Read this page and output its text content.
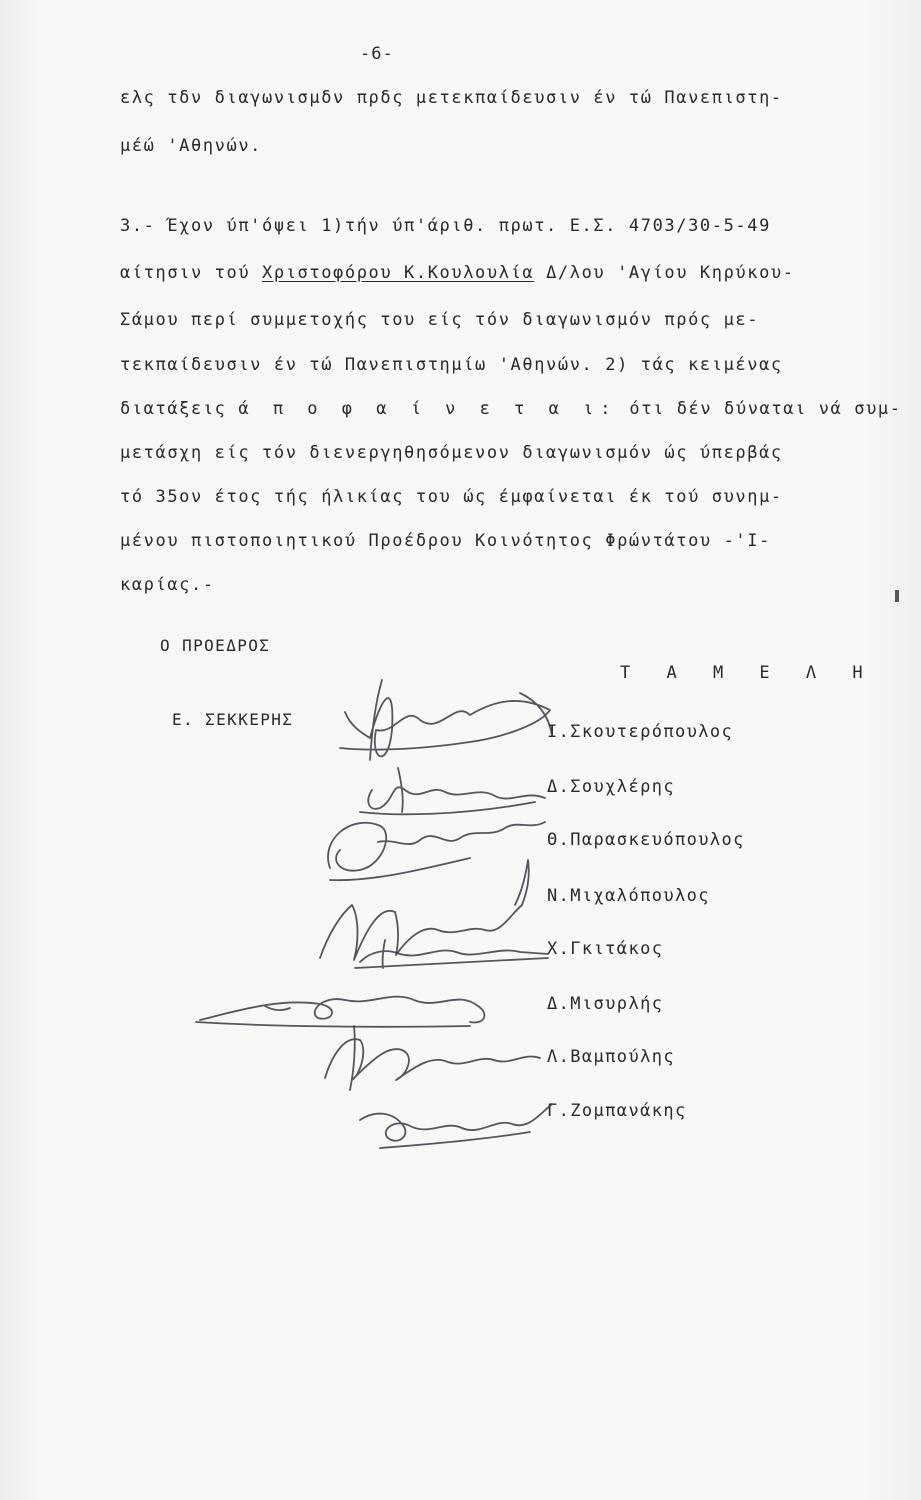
-6-
ελς τδν διαγωνισμδν πρδς μετεκπαίδευσιν έν τώ Πανεπιστη-
μέώ 'Αθηνών.
3.- Έχον ύπ'όψει 1)τήν ύπ'άριθ. πρωτ. Ε.Σ. 4703/30-5-49
αίτησιν τού Χριστοφόρου Κ.Κουλουλία Δ/λου 'Αγίου Κηρύκου-
Σάμου περί συμμετοχής του είς τόν διαγωνισμόν πρός με-
τεκπαίδευσιν έν τώ Πανεπιστημίω 'Αθηνών. 2) τάς κειμένας
διατάξεις ά π ο φ α ί ν ε τ α ι: ότι δέν δύναται νά συμ-
μετάσχη είς τόν διενεργηθησόμενον διαγωνισμόν ώς ύπερβάς
τό 35ον έτος τής ήλικίας του ώς έμφαίνεται έκ τού συνημ-
μένου πιστοποιητικού Προέδρου Κοινότητος Φρώντάτου -'Ι-
καρίας.-
Ο ΠΡΟΕΔΡΟΣ
Ε. ΣΕΚΚΕΡΗΣ
Τ Α Μ Ε Λ Η
Ι.Σκουτερόπουλος
Δ.Σουχλέρης
Θ.Παρασκευόπουλος
Ν.Μιχαλόπουλος
Χ.Γκιτάκος
Δ.Μισυρλής
Λ.Βαμπούλης
Γ.Ζομπανάκης
